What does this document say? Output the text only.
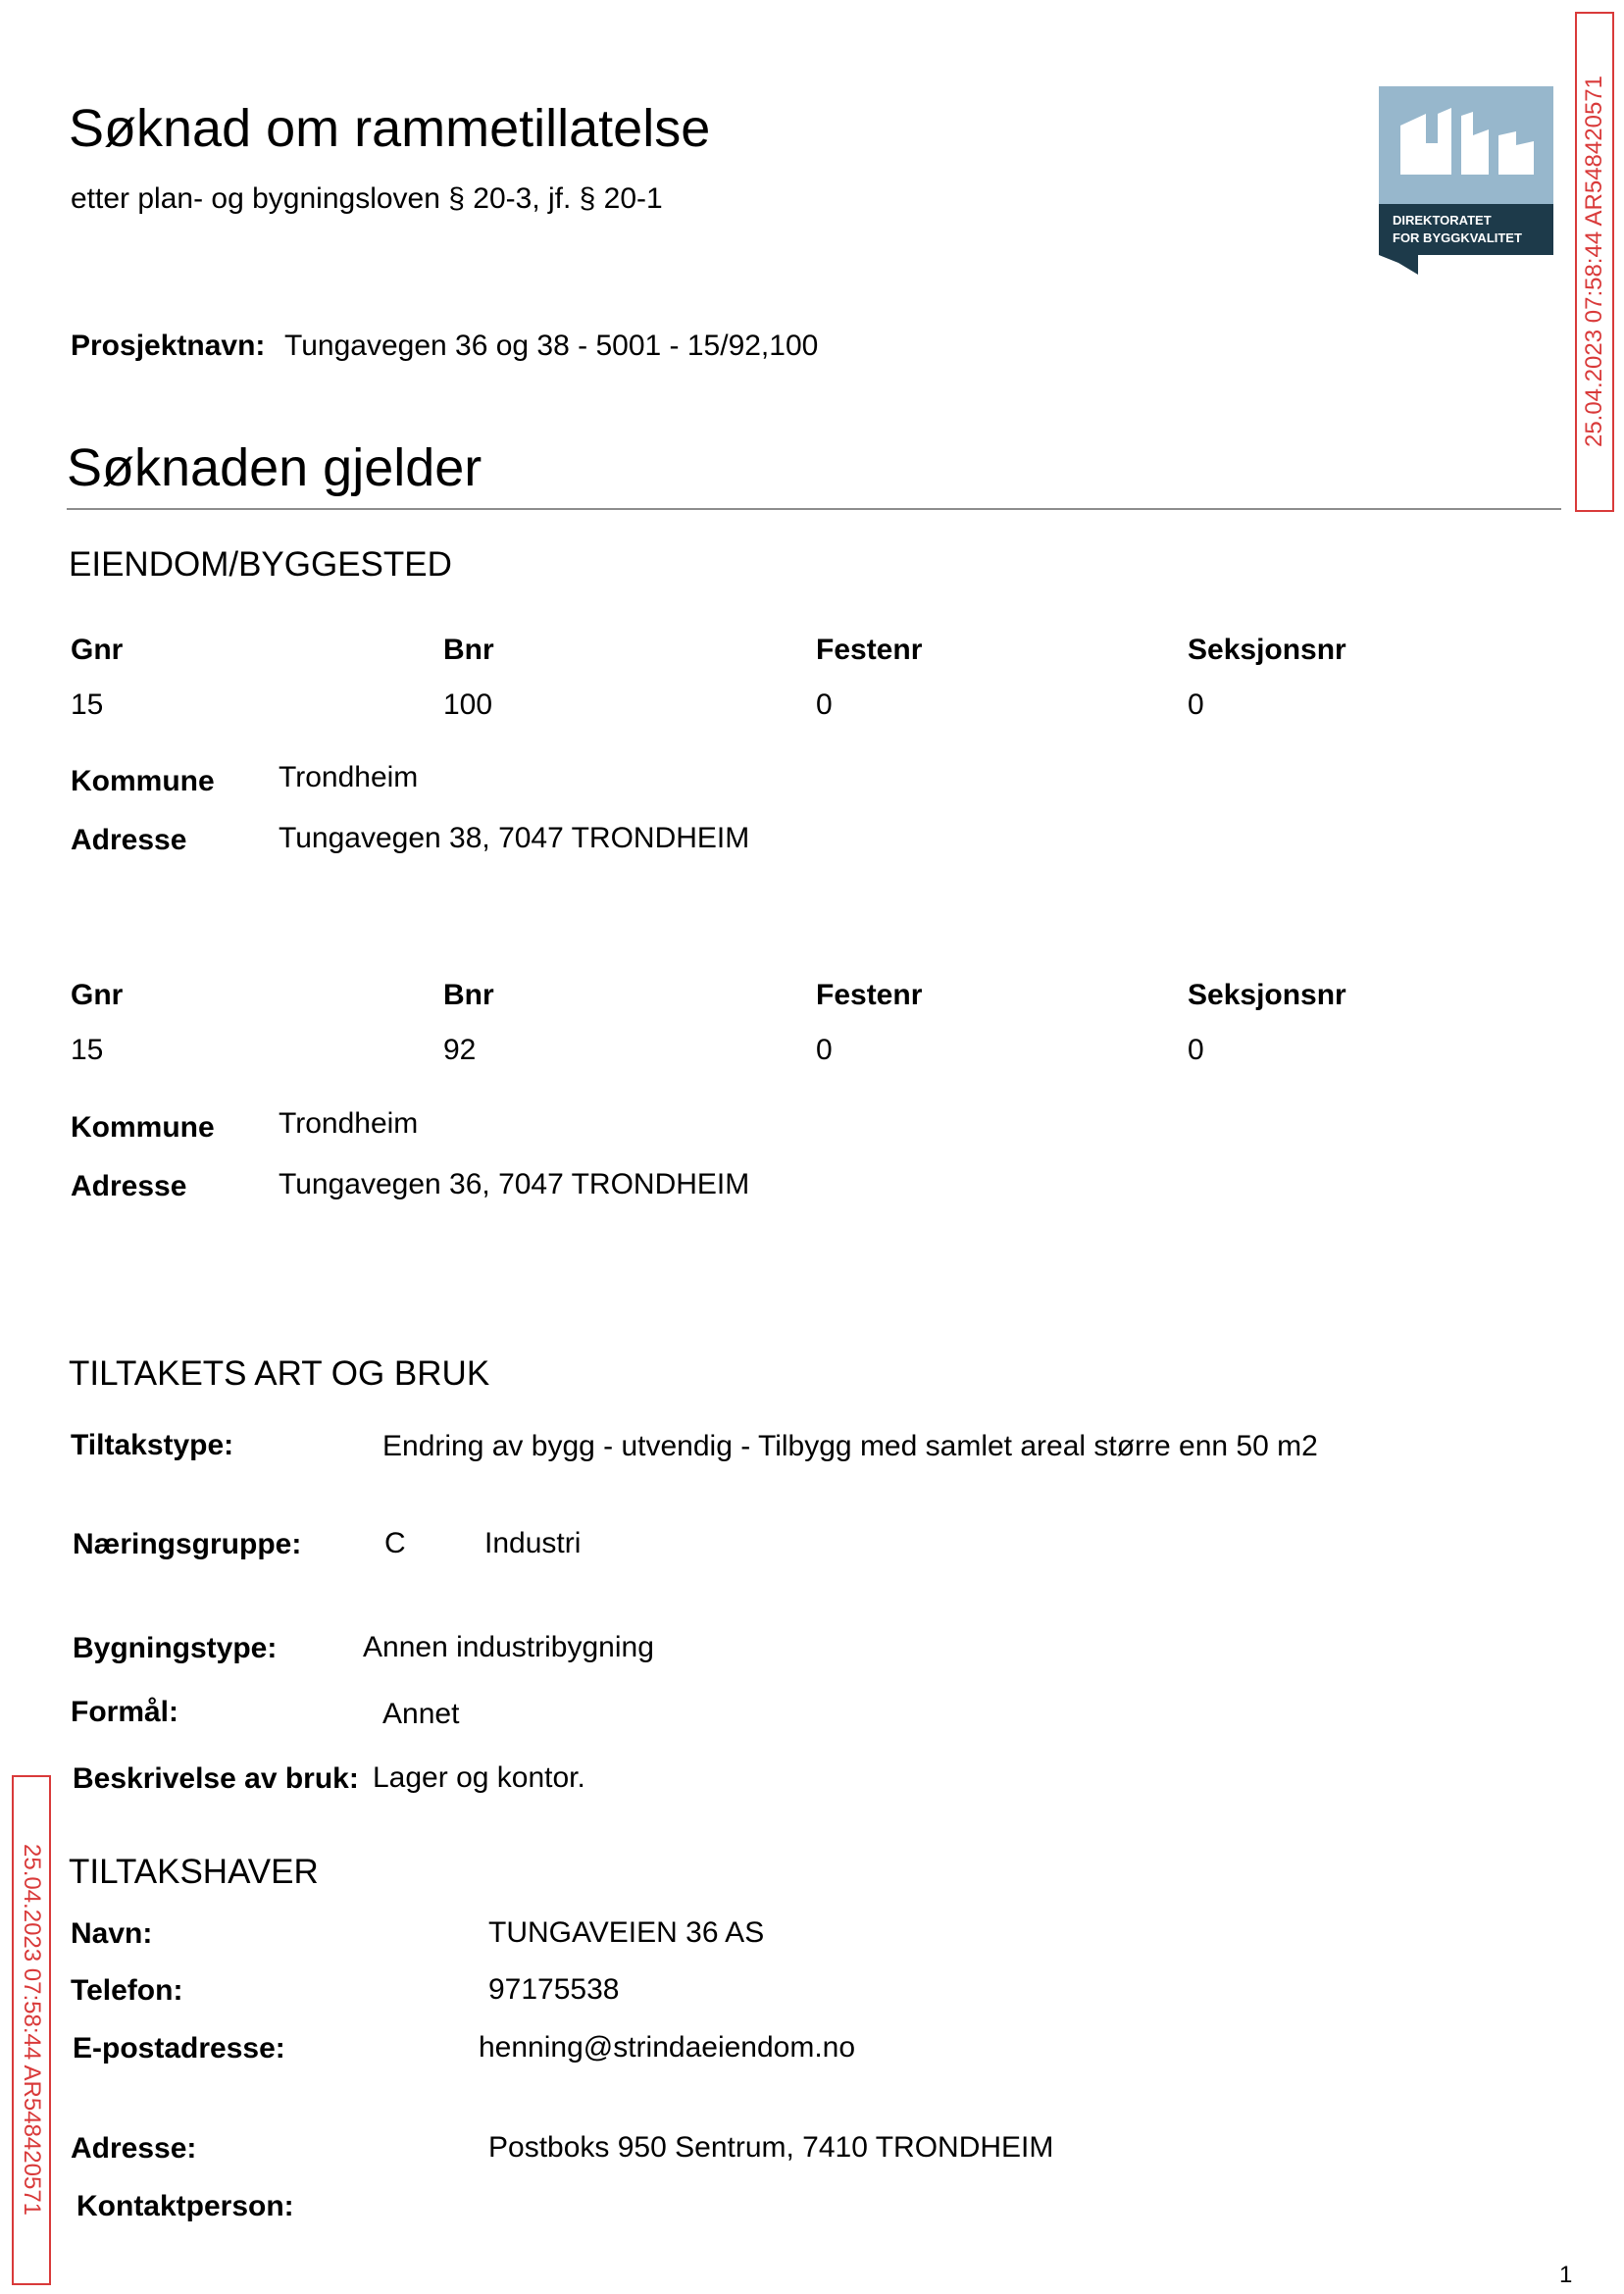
Søknad om rammetillatelse
etter plan- og bygningsloven § 20-3, jf. § 20-1
DIREKTORATET
FOR BYGGKVALITET	25.04.2023 07:58:44 AR548420571
25.04.2023 07:58:44 AR548420571
Prosjektnavn: Tungavegen 36 og 38 - 5001 - 15/92,100
Søknaden gjelder
EIENDOM/BYGGESTED
Gnr	Bnr	Festenr	Seksjonsnr
15	100	0	0
Kommune Trondheim
Adresse	Tungavegen 38, 7047 TRONDHEIM
Gnr	Bnr	Festenr	Seksjonsnr
15	92	0	0
Kommune Trondheim
Adresse	Tungavegen 36, 7047 TRONDHEIM
TILTAKETS ART OG BRUK
Tiltakstype:	Endring av bygg - utvendig - Tilbygg med samlet areal større enn 50 m2
Næringsgruppe:	C	Industri
Bygningstype:	Annen industribygning
Formål:	Annet
Beskrivelse av bruk: Lager og kontor.
TILTAKSHAVER
Navn:	TUNGAVEIEN 36 AS
Telefon:	97175538
E-postadresse:	henning@strindaeiendom.no
Adresse:	Postboks 950 Sentrum, 7410 TRONDHEIM
Kontaktperson:
1
